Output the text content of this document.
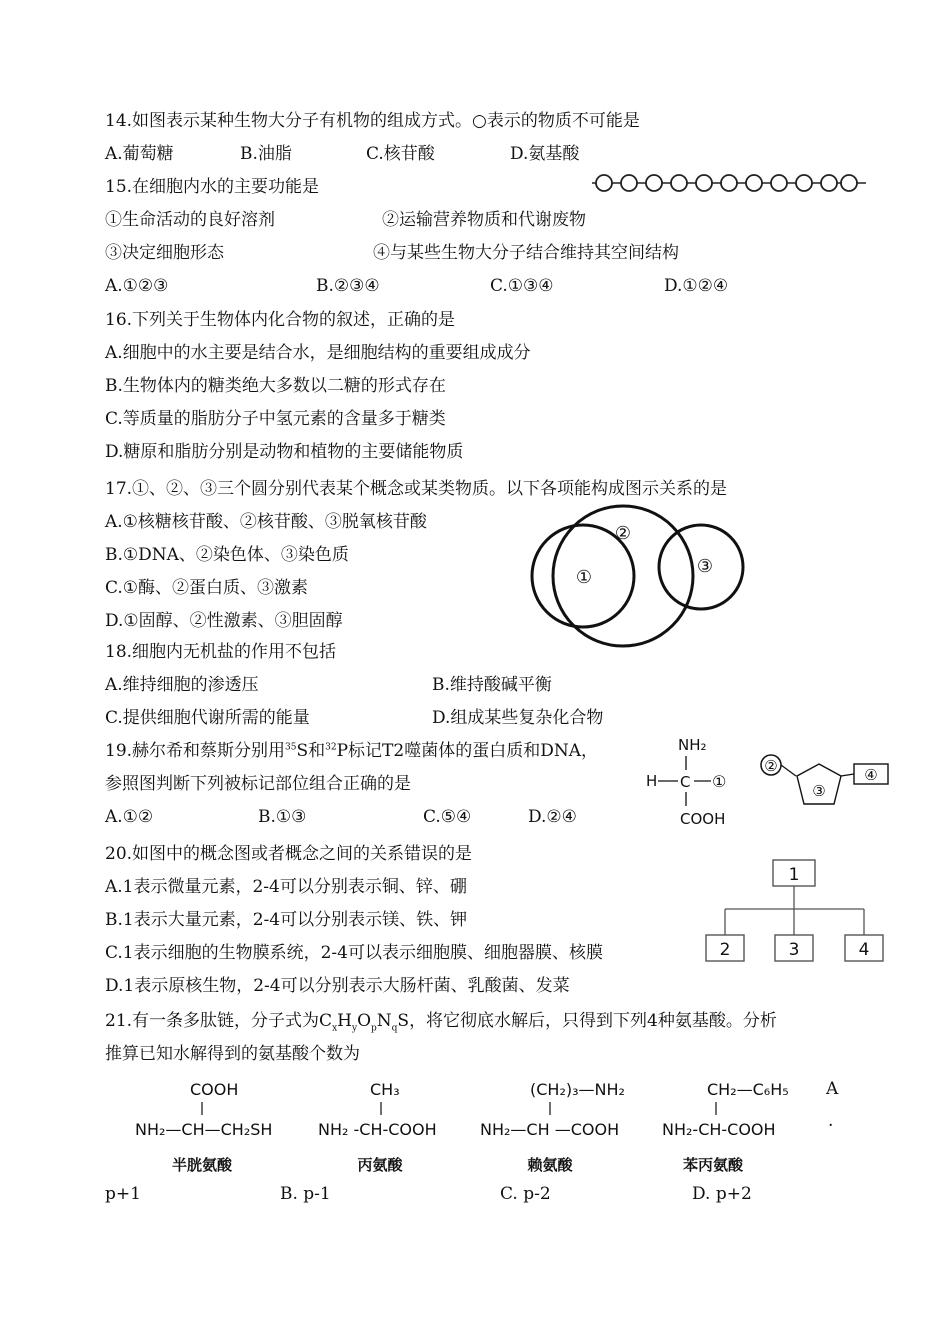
14.如图表示某种生物大分子有机物的组成方式。○表示的物质不可能是
A.葡萄糖	B.油脂	C.核苷酸	D.氨基酸
15.在细胞内水的主要功能是
①生命活动的良好溶剂	②运输营养物质和代谢废物
③决定细胞形态	④与某些生物大分子结合维持其空间结构
A.①②③	B.②③④	C.①③④	D.①②④
16.下列关于生物体内化合物的叙述，正确的是
A.细胞中的水主要是结合水，是细胞结构的重要组成成分
B.生物体内的糖类绝大多数以二糖的形式存在
C.等质量的脂肪分子中氢元素的含量多于糖类
D.糖原和脂肪分别是动物和植物的主要储能物质
17.①、②、③三个圆分别代表某个概念或某类物质。以下各项能构成图示关系的是
A.①核糖核苷酸、②核苷酸、③脱氧核苷酸
B.①DNA、②染色体、③染色质
C.①酶、②蛋白质、③激素
D.①固醇、②性激素、③胆固醇
①
②
③
18.细胞内无机盐的作用不包括
A.维持细胞的渗透压	B.维持酸碱平衡
C.提供细胞代谢所需的能量	D.组成某些复杂化合物
19.赫尔希和蔡斯分别用$^{35}$S和$^{32}$P标记T2噬菌体的蛋白质和DNA，
参照图判断下列被标记部位组合正确的是
A.①②	B.①③	C.⑤④	D.②④
NH₂
H C ①
COOH
②
③
④
20.如图中的概念图或者概念之间的关系错误的是
A.1表示微量元素，2-4可以分别表示铜、锌、硼
B.1表示大量元素，2-4可以分别表示镁、铁、钾
C.1表示细胞的生物膜系统，2-4可以表示细胞膜、细胞器膜、核膜
D.1表示原核生物，2-4可以分别表示大肠杆菌、乳酸菌、发菜
1
2	3	4
21.有一条多肽链，分子式为$C_xH_yO_pN_qS$，将它彻底水解后，只得到下列4种氨基酸。分析
推算已知水解得到的氨基酸个数为
COOH
NH₂—CH—CH₂SH
半胱氨酸
CH₃
NH₂ -CH-COOH
丙氨酸
(CH₂)₃—NH₂
NH₂—CH —COOH
赖氨酸
CH₂—C₆H₅
NH₂-CH-COOH
苯丙氨酸
A
.
p+1	B. p-1	C. p-2	D. p+2
